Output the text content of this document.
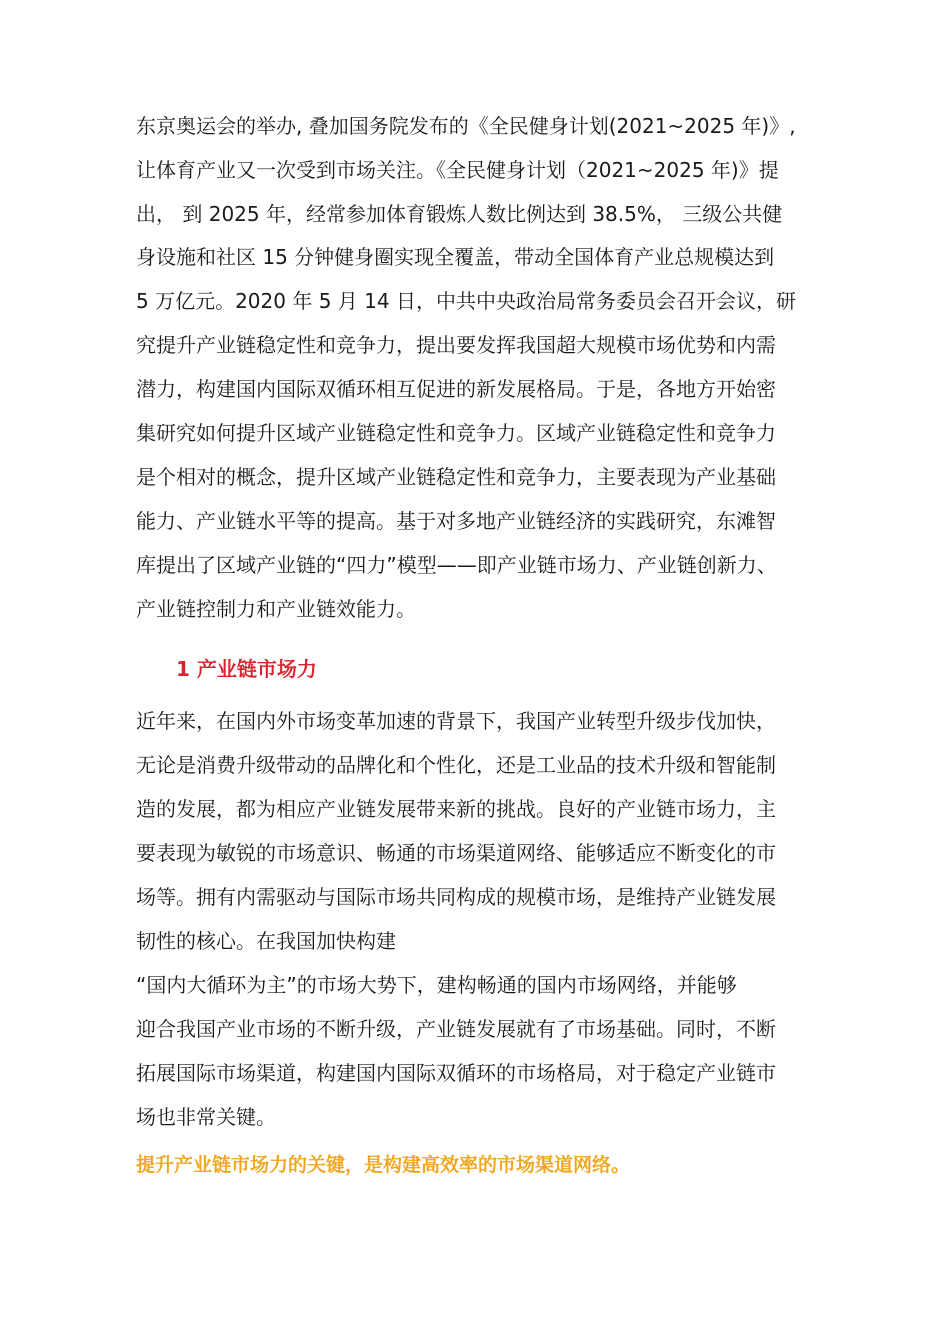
东京奥运会的举办, 叠加国务院发布的《全民健身计划(2021~2025 年)》,
让体育产业又一次受到市场关注。《全民健身计划（2021~2025 年)》提
出， 到 2025 年，经常参加体育锻炼人数比例达到 38.5%， 三级公共健
身设施和社区 15 分钟健身圈实现全覆盖，带动全国体育产业总规模达到
5 万亿元。2020 年 5 月 14 日，中共中央政治局常务委员会召开会议，研
究提升产业链稳定性和竞争力，提出要发挥我国超大规模市场优势和内需
潜力，构建国内国际双循环相互促进的新发展格局。于是，各地方开始密
集研究如何提升区域产业链稳定性和竞争力。区域产业链稳定性和竞争力
是个相对的概念，提升区域产业链稳定性和竞争力，主要表现为产业基础
能力、产业链水平等的提高。基于对多地产业链经济的实践研究，东滩智
库提出了区域产业链的“四力”模型——即产业链市场力、产业链创新力、
产业链控制力和产业链效能力。
1 产业链市场力
近年来，在国内外市场变革加速的背景下，我国产业转型升级步伐加快，
无论是消费升级带动的品牌化和个性化，还是工业品的技术升级和智能制
造的发展，都为相应产业链发展带来新的挑战。良好的产业链市场力，主
要表现为敏锐的市场意识、畅通的市场渠道网络、能够适应不断变化的市
场等。拥有内需驱动与国际市场共同构成的规模市场，是维持产业链发展
韧性的核心。在我国加快构建
“国内大循环为主”的市场大势下，建构畅通的国内市场网络，并能够
迎合我国产业市场的不断升级，产业链发展就有了市场基础。同时，不断
拓展国际市场渠道，构建国内国际双循环的市场格局，对于稳定产业链市
场也非常关键。
提升产业链市场力的关键，是构建高效率的市场渠道网络。
